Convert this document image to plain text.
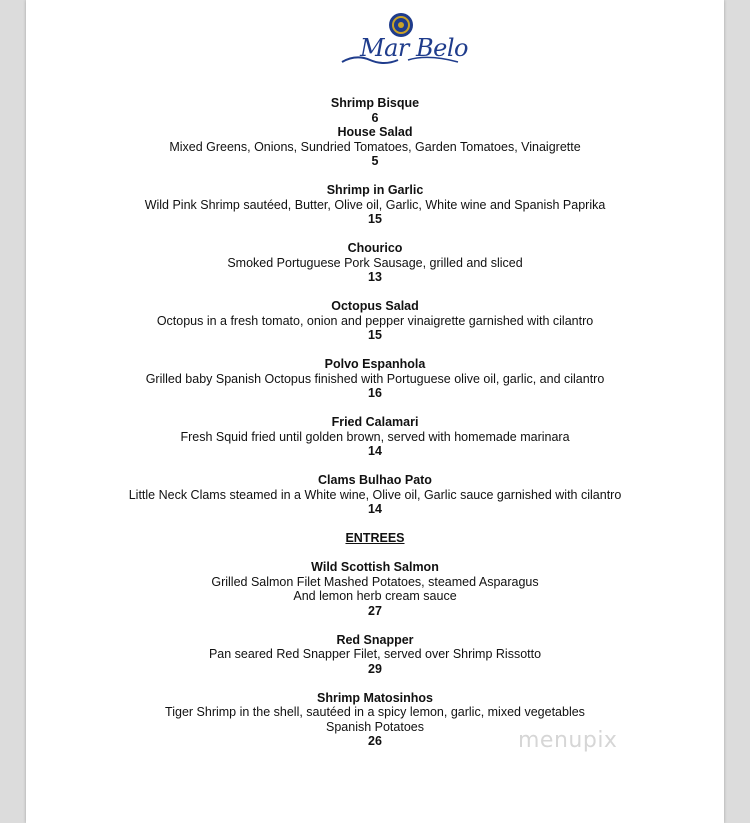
Mar Belo
Shrimp Bisque
6
House Salad
Mixed Greens, Onions, Sundried Tomatoes, Garden Tomatoes, Vinaigrette
5
Shrimp in Garlic
Wild Pink Shrimp sautéed, Butter, Olive oil, Garlic, White wine and Spanish Paprika
15
Chourico
Smoked Portuguese Pork Sausage, grilled and sliced
13
Octopus Salad
Octopus in a fresh tomato, onion and pepper vinaigrette garnished with cilantro
15
Polvo Espanhola
Grilled baby Spanish Octopus finished with Portuguese olive oil, garlic, and cilantro
16
Fried Calamari
Fresh Squid fried until golden brown, served with homemade marinara
14
Clams Bulhao Pato
Little Neck Clams steamed in a White wine, Olive oil, Garlic sauce garnished with cilantro
14
ENTREES
Wild Scottish Salmon
Grilled Salmon Filet Mashed Potatoes, steamed Asparagus
And lemon herb cream sauce
27
Red Snapper
Pan seared Red Snapper Filet, served over Shrimp Rissotto
29
Shrimp Matosinhos
Tiger Shrimp in the shell, sautéed in a spicy lemon, garlic, mixed vegetables
Spanish Potatoes
26	menupix
